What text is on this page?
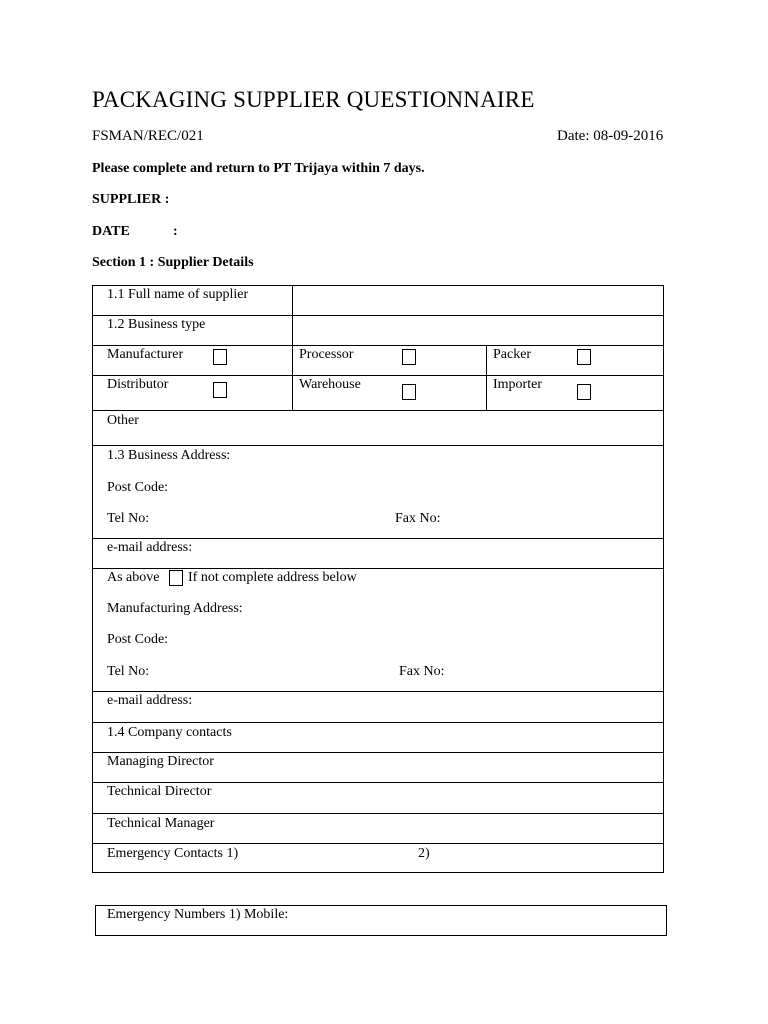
PACKAGING SUPPLIER QUESTIONNAIRE
FSMAN/REC/021	Date: 08-09-2016
Please complete and return to PT Trijaya within 7 days.
SUPPLIER :
DATE	:
Section 1 : Supplier Details
1.1 Full name of supplier
1.2 Business type
Manufacturer	Processor	Packer
Distributor	Warehouse	Importer
Other
1.3 Business Address:
Post Code:
Tel No:	Fax No:
e-mail address:
As above If not complete address below
Manufacturing Address:
Post Code:
Tel No:	Fax No:
e-mail address:
1.4 Company contacts
Managing Director
Technical Director
Technical Manager
Emergency Contacts 1)	2)
Emergency Numbers 1) Mobile:
